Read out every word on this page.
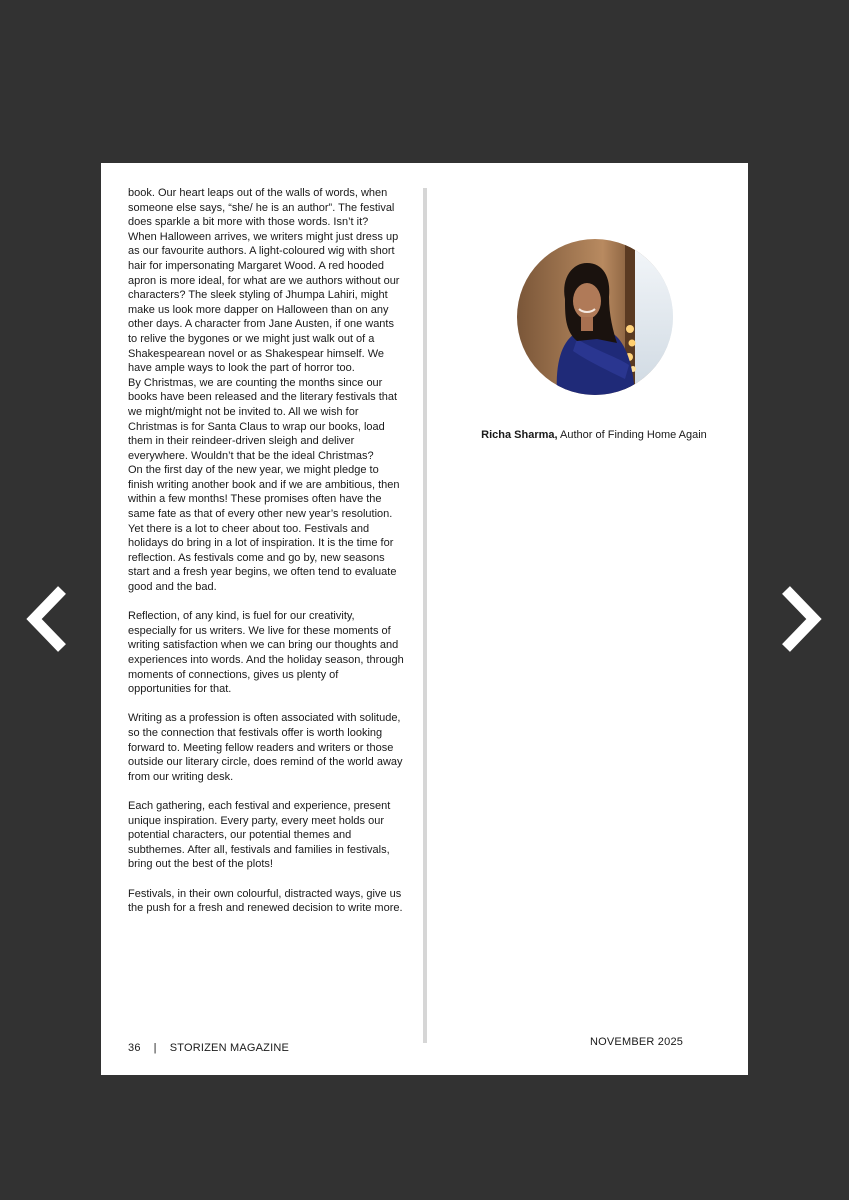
book. Our heart leaps out of the walls of words, when someone else says, “she/ he is an author”. The festival does sparkle a bit more with those words. Isn’t it?

When Halloween arrives, we writers might just dress up as our favourite authors. A light-coloured wig with short hair for impersonating Margaret Wood. A red hooded apron is more ideal, for what are we authors without our characters? The sleek styling of Jhumpa Lahiri, might make us look more dapper on Halloween than on any other days. A character from Jane Austen, if one wants to relive the bygones or we might just walk out of a Shakespearean novel or as Shakespear himself. We have ample ways to look the part of horror too.

By Christmas, we are counting the months since our books have been released and the literary festivals that we might/might not be invited to. All we wish for Christmas is for Santa Claus to wrap our books, load them in their reindeer-driven sleigh and deliver everywhere. Wouldn’t that be the ideal Christmas?

On the first day of the new year, we might pledge to finish writing another book and if we are ambitious, then within a few months! These promises often have the same fate as that of every other new year’s resolution. Yet there is a lot to cheer about too. Festivals and holidays do bring in a lot of inspiration. It is the time for reflection. As festivals come and go by, new seasons start and a fresh year begins, we often tend to evaluate good and the bad.

Reflection, of any kind, is fuel for our creativity, especially for us writers. We live for these moments of writing satisfaction when we can bring our thoughts and experiences into words. And the holiday season, through moments of connections, gives us plenty of opportunities for that.

Writing as a profession is often associated with solitude, so the connection that festivals offer is worth looking forward to. Meeting fellow readers and writers or those outside our literary circle, does remind of the world away from our writing desk.

Each gathering, each festival and experience, present unique inspiration. Every party, every meet holds our potential characters, our potential themes and subthemes. After all, festivals and families in festivals, bring out the best of the plots!

Festivals, in their own colourful, distracted ways, give us the push for a fresh and renewed decision to write more.

Richa Sharma, Author of Finding Home Again
36 | STORIZEN MAGAZINE	NOVEMBER 2025
